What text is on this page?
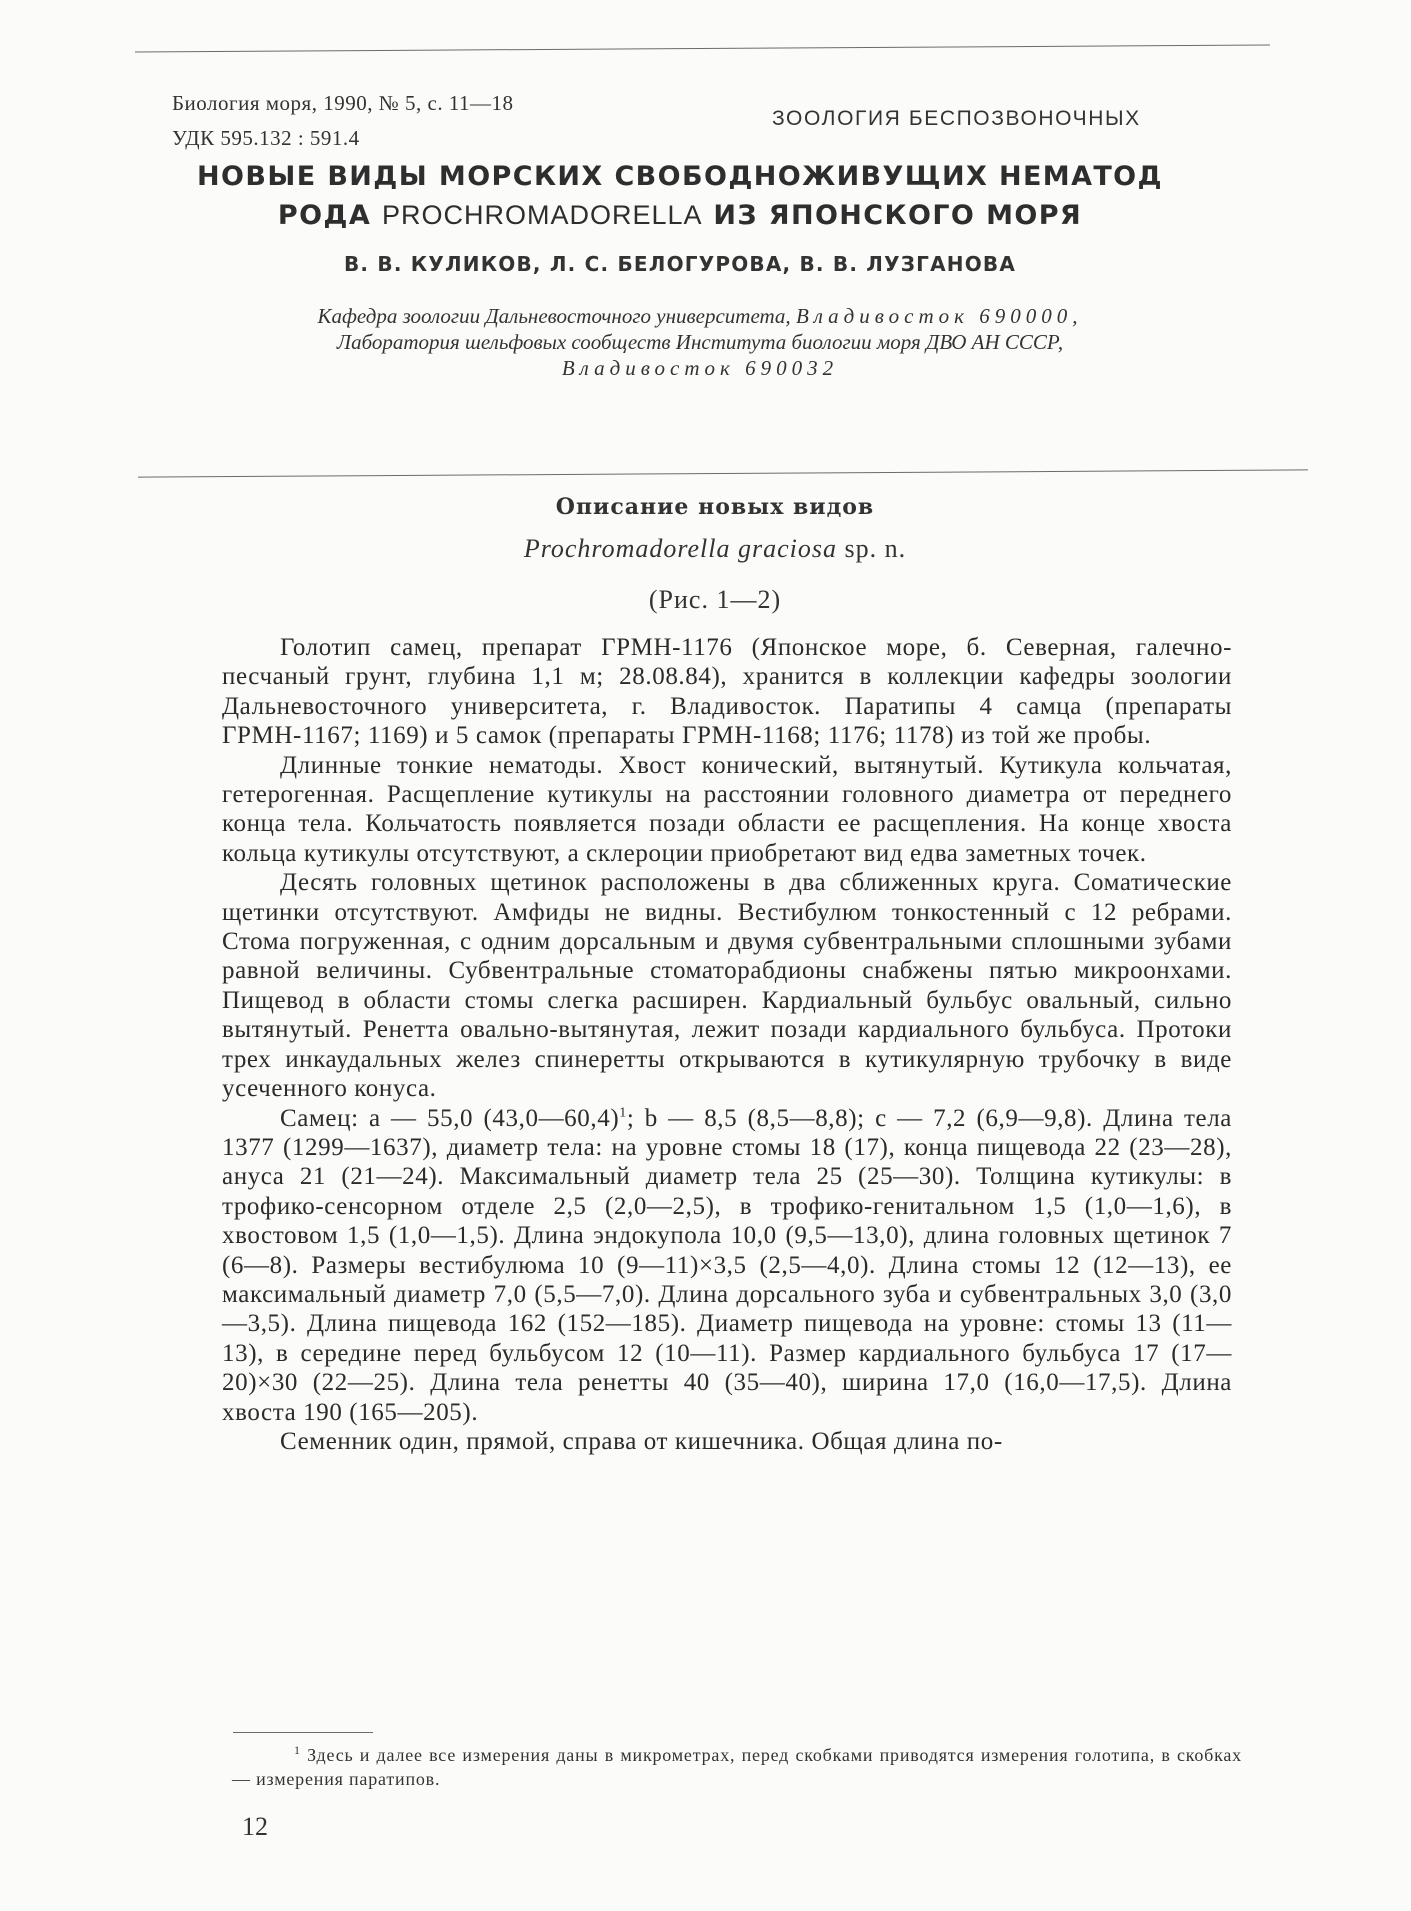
Биология моря, 1990, № 5, с. 11—18
УДК 595.132 : 591.4
ЗООЛОГИЯ БЕСПОЗВОНОЧНЫХ
НОВЫЕ ВИДЫ МОРСКИХ СВОБОДНОЖИВУЩИХ НЕМАТОД
РОДА PROCHROMADORELLA ИЗ ЯПОНСКОГО МОРЯ
В. В. КУЛИКОВ, Л. С. БЕЛОГУРОВА, В. В. ЛУЗГАНОВА
Кафедра зоологии Дальневосточного университета, Владивосток 690000,
Лаборатория шельфовых сообществ Института биологии моря ДВО АН СССР,
Владивосток 690032
Описание новых видов
Prochromadorella graciosa sp. n.
(Рис. 1—2)

Голотип самец, препарат ГРМН-1176 (Японское море, б. Северная, галечно-песчаный грунт, глубина 1,1 м; 28.08.84), хранится в коллекции кафедры зоологии Дальневосточного университета, г. Владивосток. Паратипы 4 самца (препараты ГРМН-1167; 1169) и 5 самок (препараты ГРМН-1168; 1176; 1178) из той же пробы.

Длинные тонкие нематоды. Хвост конический, вытянутый. Кутикула кольчатая, гетерогенная. Расщепление кутикулы на расстоянии головного диаметра от переднего конца тела. Кольчатость появляется позади области ее расщепления. На конце хвоста кольца кутикулы отсутствуют, а склероции приобретают вид едва заметных точек.

Десять головных щетинок расположены в два сближенных круга. Соматические щетинки отсутствуют. Амфиды не видны. Вестибулюм тонкостенный с 12 ребрами. Стома погруженная, с одним дорсальным и двумя субвентральными сплошными зубами равной величины. Субвентральные стоматорабдионы снабжены пятью микроонхами. Пищевод в области стомы слегка расширен. Кардиальный бульбус овальный, сильно вытянутый. Ренетта овально-вытянутая, лежит позади кардиального бульбуса. Протоки трех инкаудальных желез спинеретты открываются в кутикулярную трубочку в виде усеченного конуса.

Самец: a — 55,0 (43,0—60,4)$^1$; b — 8,5 (8,5—8,8); c — 7,2 (6,9—9,8). Длина тела 1377 (1299—1637), диаметр тела: на уровне стомы 18 (17), конца пищевода 22 (23—28), ануса 21 (21—24). Максимальный диаметр тела 25 (25—30). Толщина кутикулы: в трофико-сенсорном отделе 2,5 (2,0—2,5), в трофико-генитальном 1,5 (1,0—1,6), в хвостовом 1,5 (1,0—1,5). Длина эндокупола 10,0 (9,5—13,0), длина головных щетинок 7 (6—8). Размеры вестибулюма 10 (9—11)×3,5 (2,5—4,0). Длина стомы 12 (12—13), ее максимальный диаметр 7,0 (5,5—7,0). Длина дорсального зуба и субвентральных 3,0 (3,0—3,5). Длина пищевода 162 (152—185). Диаметр пищевода на уровне: стомы 13 (11—13), в середине перед бульбусом 12 (10—11). Размер кардиального бульбуса 17 (17—20)×30 (22—25). Длина тела ренетты 40 (35—40), ширина 17,0 (16,0—17,5). Длина хвоста 190 (165—205).

Семенник один, прямой, справа от кишечника. Общая длина по-

$^1$ Здесь и далее все измерения даны в микрометрах, перед скобками приводятся измерения голотипа, в скобках — измерения паратипов.

12
